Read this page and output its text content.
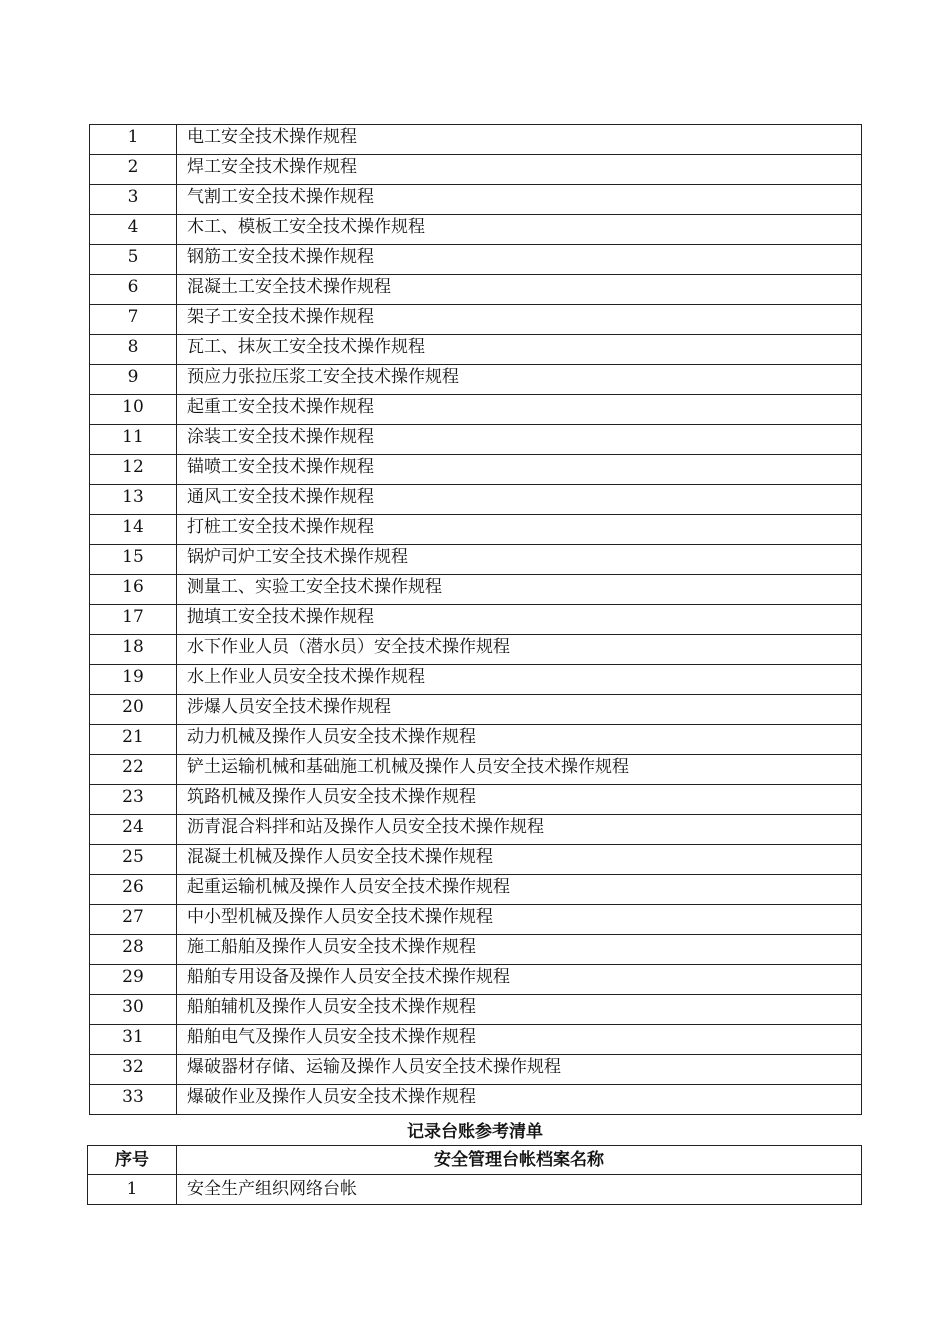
1	电工安全技术操作规程
2	焊工安全技术操作规程
3	气割工安全技术操作规程
4	木工、模板工安全技术操作规程
5	钢筋工安全技术操作规程
6	混凝土工安全技术操作规程
7	架子工安全技术操作规程
8	瓦工、抹灰工安全技术操作规程
9	预应力张拉压浆工安全技术操作规程
10	起重工安全技术操作规程
11	涂装工安全技术操作规程
12	锚喷工安全技术操作规程
13	通风工安全技术操作规程
14	打桩工安全技术操作规程
15	锅炉司炉工安全技术操作规程
16	测量工、实验工安全技术操作规程
17	抛填工安全技术操作规程
18	水下作业人员（潜水员）安全技术操作规程
19	水上作业人员安全技术操作规程
20	涉爆人员安全技术操作规程
21	动力机械及操作人员安全技术操作规程
22	铲土运输机械和基础施工机械及操作人员安全技术操作规程
23	筑路机械及操作人员安全技术操作规程
24	沥青混合料拌和站及操作人员安全技术操作规程
25	混凝土机械及操作人员安全技术操作规程
26	起重运输机械及操作人员安全技术操作规程
27	中小型机械及操作人员安全技术操作规程
28	施工船舶及操作人员安全技术操作规程
29	船舶专用设备及操作人员安全技术操作规程
30	船舶辅机及操作人员安全技术操作规程
31	船舶电气及操作人员安全技术操作规程
32	爆破器材存储、运输及操作人员安全技术操作规程
33	爆破作业及操作人员安全技术操作规程
记录台账参考清单
序号	安全管理台帐档案名称
1	安全生产组织网络台帐
